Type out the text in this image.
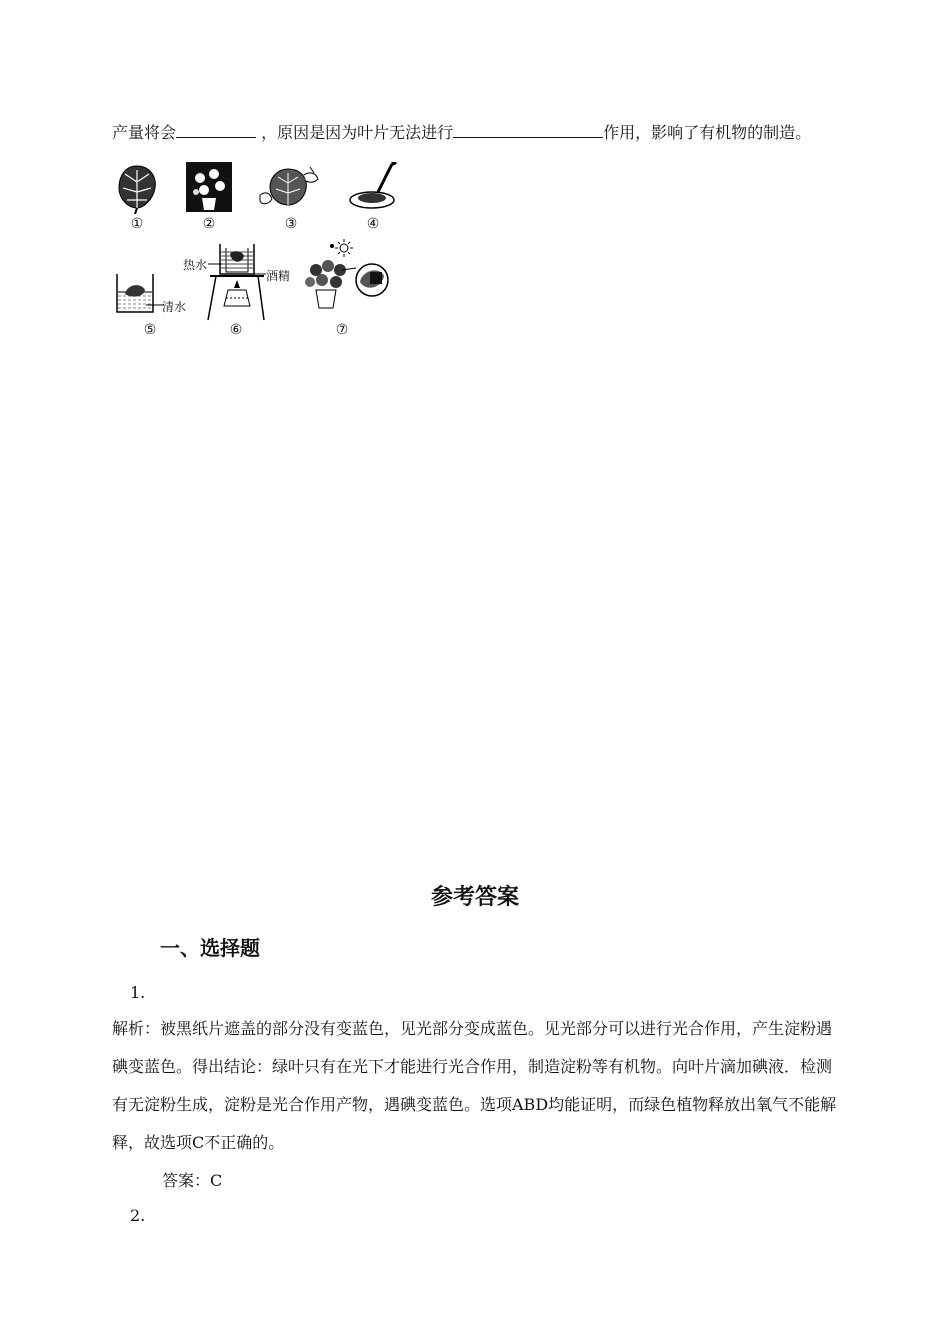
产量将会	，原因是因为叶片无法进行	作用，影响了有机物的制造。
①	②	③	④
清水
⑤
热水
酒精
⑥	⑦
参考答案
一、选择题
1.
解析：被黑纸片遮盖的部分没有变蓝色，见光部分变成蓝色。见光部分可以进行光合作用，产生淀粉遇碘变蓝色。得出结论：绿叶只有在光下才能进行光合作用，制造淀粉等有机物。向叶片滴加碘液．检测有无淀粉生成，淀粉是光合作用产物，遇碘变蓝色。选项ABD均能证明，而绿色植物释放出氧气不能解释，故选项C不正确的。
答案：C
2.
